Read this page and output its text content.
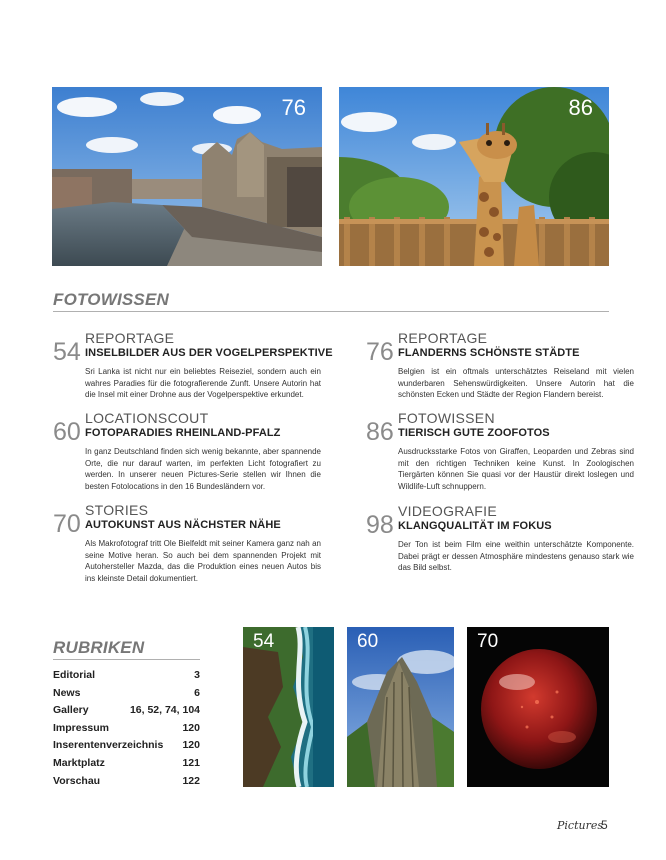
76	86
FOTOWISSEN
54 REPORTAGE
INSELBILDER AUS DER VOGELPERSPEKTIVE
Sri Lanka ist nicht nur ein beliebtes Reiseziel, sondern auch ein wahres Paradies für die fotografierende Zunft. Unsere Autorin hat die Insel mit einer Drohne aus der Vogelperspektive erkundet.
60 LOCATIONSCOUT
FOTOPARADIES RHEINLAND-PFALZ
In ganz Deutschland finden sich wenig bekannte, aber spannende Orte, die nur darauf warten, im perfekten Licht fotografiert zu werden. In unserer neuen Pictures-Serie stellen wir Ihnen die besten Fotolocations in den 16 Bundesländern vor.
70 STORIES
AUTOKUNST AUS NÄCHSTER NÄHE
Als Makrofotograf tritt Ole Bielfeldt mit seiner Kamera ganz nah an seine Motive heran. So auch bei dem spannenden Projekt mit Autohersteller Mazda, das die Produktion eines neuen Autos bis ins kleinste Detail dokumentiert.
76 REPORTAGE
FLANDERNS SCHÖNSTE STÄDTE
Belgien ist ein oftmals unterschätztes Reiseland mit vielen wunderbaren Sehenswürdigkeiten. Unsere Autorin hat die schönsten Ecken und Städte der Region Flandern bereist.
86 FOTOWISSEN
TIERISCH GUTE ZOOFOTOS
Ausdrucksstarke Fotos von Giraffen, Leoparden und Zebras sind mit den richtigen Techniken keine Kunst. In Zoologischen Tiergärten können Sie quasi vor der Haustür direkt loslegen und Wildlife-Luft schnuppern.
98 VIDEOGRAFIE
KLANGQUALITÄT IM FOKUS
Der Ton ist beim Film eine weithin unterschätzte Komponente. Dabei prägt er dessen Atmosphäre mindestens genauso stark wie das Bild selbst.
RUBRIKEN
Editorial	3
News	6
Gallery	16, 52, 74, 104
Impressum	120
Inserentenverzeichnis 120
Marktplatz	121
Vorschau	122
54	60	70
Pictures
5
